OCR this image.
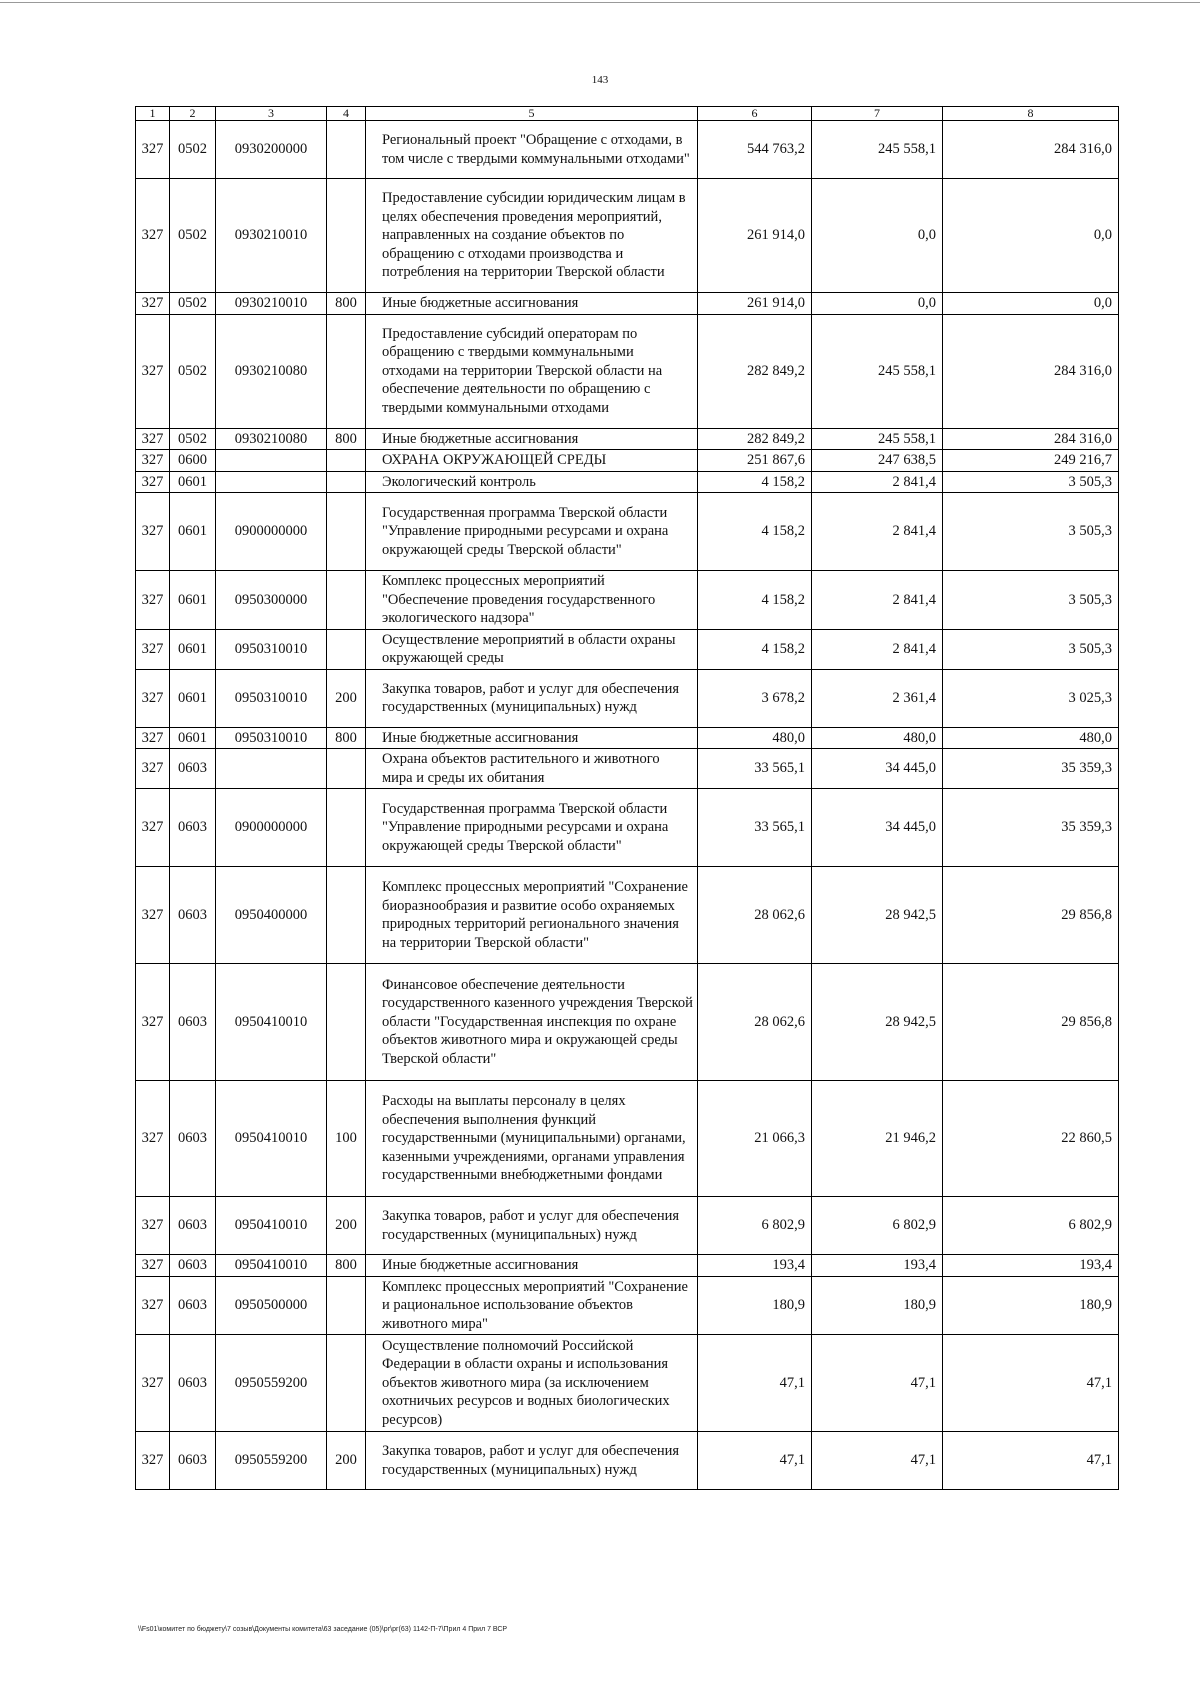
143
1	2	3	4	5	6	7	8
327	0502	0930200000		Региональный проект "Обращение с отходами, в том числе с твердыми коммунальными отходами"	544 763,2	245 558,1	284 316,0
327	0502	0930210010		Предоставление субсидии юридическим лицам в целях обеспечения проведения мероприятий, направленных на создание объектов по обращению с отходами производства и потребления на территории Тверской области	261 914,0	0,0	0,0
327	0502	0930210010	800	Иные бюджетные ассигнования	261 914,0	0,0	0,0
327	0502	0930210080		Предоставление субсидий операторам по обращению с твердыми коммунальными отходами на территории Тверской области на обеспечение деятельности по обращению с твердыми коммунальными отходами	282 849,2	245 558,1	284 316,0
327	0502	0930210080	800	Иные бюджетные ассигнования	282 849,2	245 558,1	284 316,0
327	0600			ОХРАНА ОКРУЖАЮЩЕЙ СРЕДЫ	251 867,6	247 638,5	249 216,7
327	0601			Экологический контроль	4 158,2	2 841,4	3 505,3
327	0601	0900000000		Государственная программа Тверской области "Управление природными ресурсами и охрана окружающей среды Тверской области"	4 158,2	2 841,4	3 505,3
327	0601	0950300000		Комплекс процессных мероприятий "Обеспечение проведения государственного экологического надзора"	4 158,2	2 841,4	3 505,3
327	0601	0950310010		Осуществление мероприятий в области охраны окружающей среды	4 158,2	2 841,4	3 505,3
327	0601	0950310010	200	Закупка товаров, работ и услуг для обеспечения государственных (муниципальных) нужд	3 678,2	2 361,4	3 025,3
327	0601	0950310010	800	Иные бюджетные ассигнования	480,0	480,0	480,0
327	0603			Охрана объектов растительного и животного мира и среды их обитания	33 565,1	34 445,0	35 359,3
327	0603	0900000000		Государственная программа Тверской области "Управление природными ресурсами и охрана окружающей среды Тверской области"	33 565,1	34 445,0	35 359,3
327	0603	0950400000		Комплекс процессных мероприятий "Сохранение биоразнообразия и развитие особо охраняемых природных территорий регионального значения на территории Тверской области"	28 062,6	28 942,5	29 856,8
327	0603	0950410010		Финансовое обеспечение деятельности государственного казенного учреждения Тверской области "Государственная инспекция по охране объектов животного мира и окружающей среды Тверской области"	28 062,6	28 942,5	29 856,8
327	0603	0950410010	100	Расходы на выплаты персоналу в целях обеспечения выполнения функций государственными (муниципальными) органами, казенными учреждениями, органами управления государственными внебюджетными фондами	21 066,3	21 946,2	22 860,5
327	0603	0950410010	200	Закупка товаров, работ и услуг для обеспечения государственных (муниципальных) нужд	6 802,9	6 802,9	6 802,9
327	0603	0950410010	800	Иные бюджетные ассигнования	193,4	193,4	193,4
327	0603	0950500000		Комплекс процессных мероприятий "Сохранение и рациональное использование объектов животного мира"	180,9	180,9	180,9
327	0603	0950559200		Осуществление полномочий Российской Федерации в области охраны и использования объектов животного мира (за исключением охотничьих ресурсов и водных биологических ресурсов)	47,1	47,1	47,1
327	0603	0950559200	200	Закупка товаров, работ и услуг для обеспечения государственных (муниципальных) нужд	47,1	47,1	47,1
\\Fs01\комитет по бюджету\7 созыв\Документы комитета\63 заседание (05)\рг\рг(63) 1142-П-7\Прил 4 Прил 7 ВСР
